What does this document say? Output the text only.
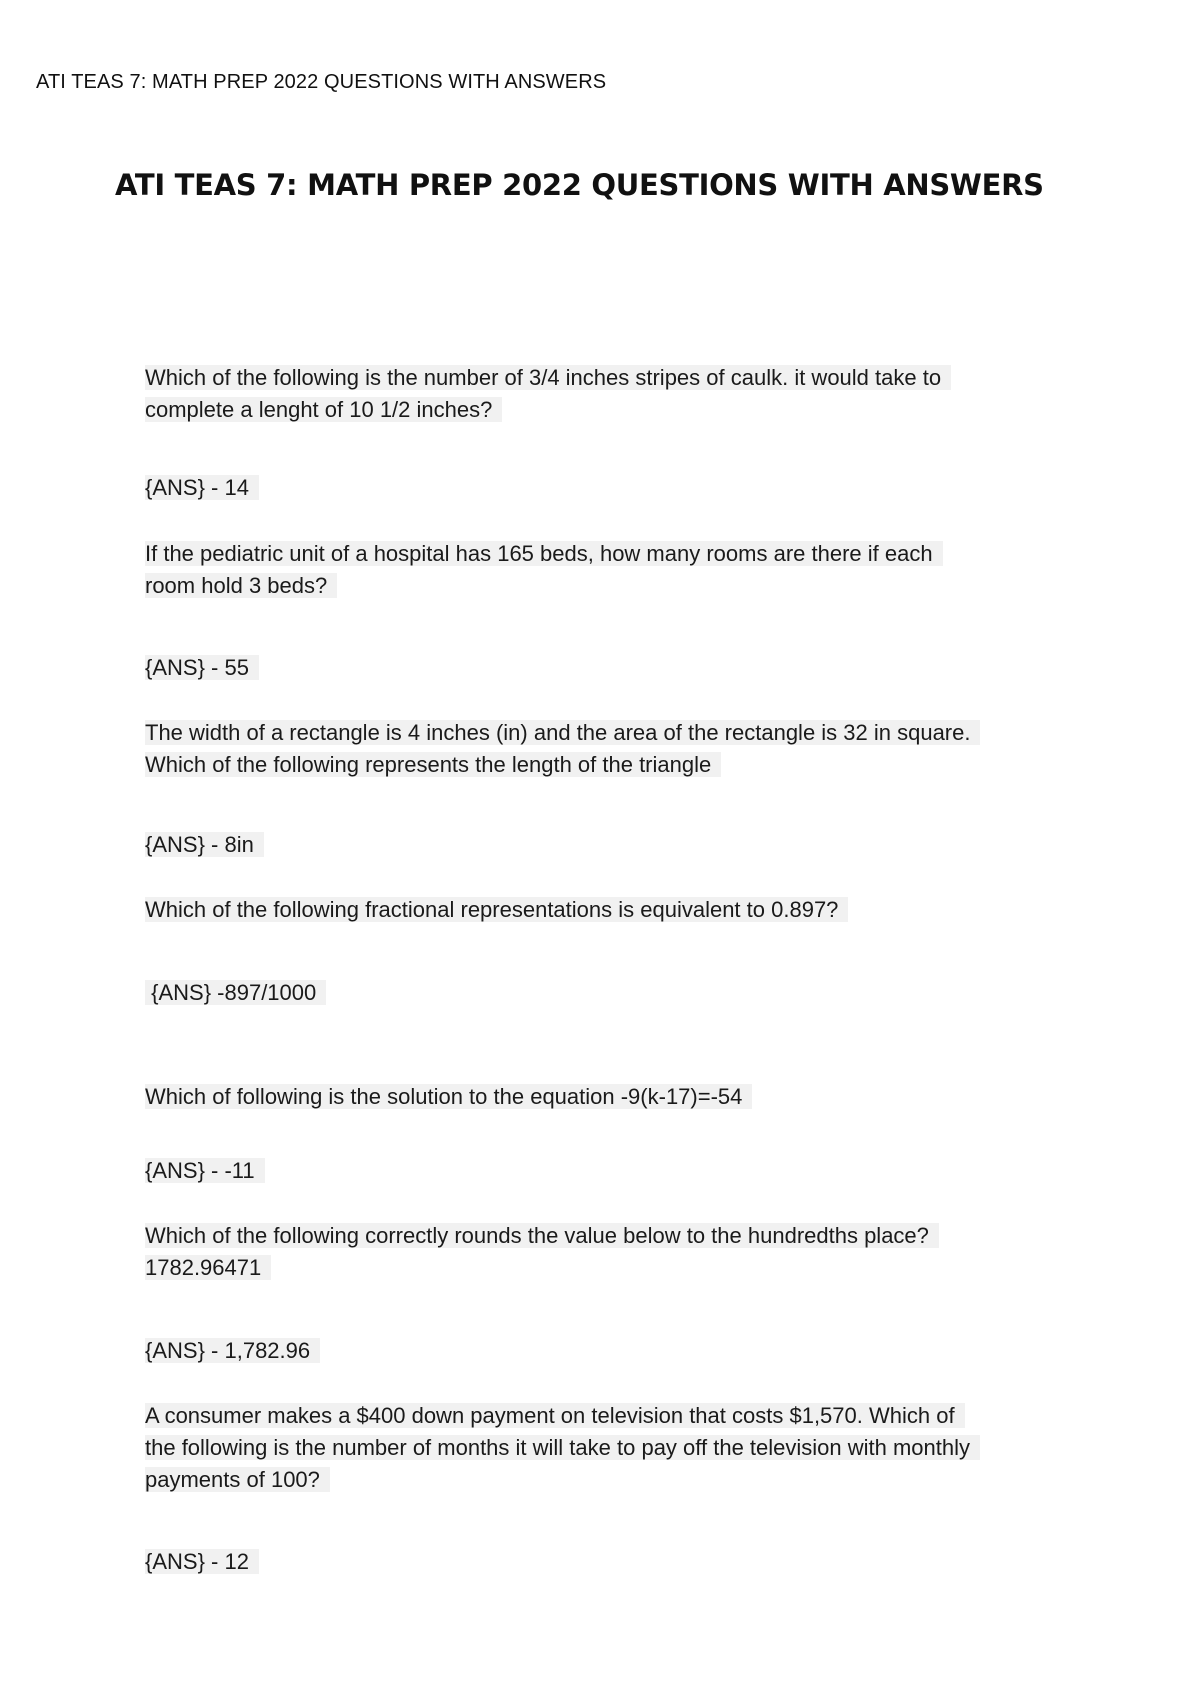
ATI TEAS 7: MATH PREP 2022 QUESTIONS WITH ANSWERS
ATI TEAS 7: MATH PREP 2022 QUESTIONS WITH ANSWERS
Which of the following is the number of 3/4 inches stripes of caulk. it would take to
complete a lenght of 10 1/2 inches?
{ANS} - 14
If the pediatric unit of a hospital has 165 beds, how many rooms are there if each
room hold 3 beds?
{ANS} - 55
The width of a rectangle is 4 inches (in) and the area of the rectangle is 32 in square.
Which of the following represents the length of the triangle
{ANS} - 8in
Which of the following fractional representations is equivalent to 0.897?
{ANS} -897/1000
Which of following is the solution to the equation -9(k-17)=-54
{ANS} - -11
Which of the following correctly rounds the value below to the hundredths place?
1782.96471
{ANS} - 1,782.96
A consumer makes a $400 down payment on television that costs $1,570. Which of
the following is the number of months it will take to pay off the television with monthly
payments of 100?
{ANS} - 12
